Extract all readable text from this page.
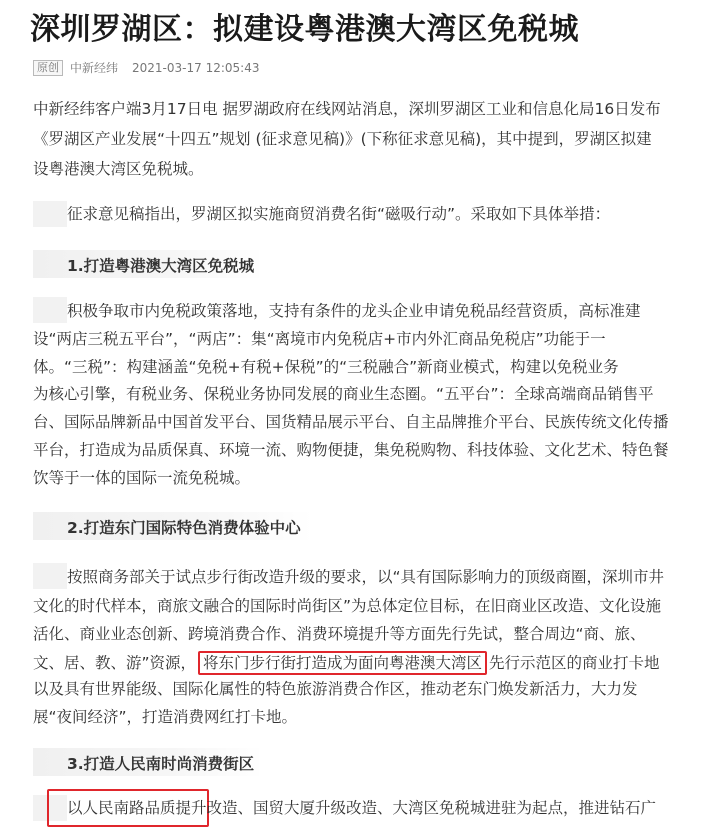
深圳罗湖区：拟建设粤港澳大湾区免税城
原创 中新经纬 2021-03-17 12:05:43
中新经纬客户端3月17日电 据罗湖政府在线网站消息，深圳罗湖区工业和信息化局16日发布
《罗湖区产业发展“十四五”规划 (征求意见稿)》(下称征求意见稿)，其中提到，罗湖区拟建
设粤港澳大湾区免税城。
征求意见稿指出，罗湖区拟实施商贸消费名街“磁吸行动”。采取如下具体举措：
1.打造粤港澳大湾区免税城
积极争取市内免税政策落地，支持有条件的龙头企业申请免税品经营资质，高标准建
设“两店三税五平台”，“两店”：集“离境市内免税店+市内外汇商品免税店”功能于一
体。“三税”：构建涵盖“免税+有税+保税”的“三税融合”新商业模式，构建以免税业务
为核心引擎，有税业务、保税业务协同发展的商业生态圈。“五平台”：全球高端商品销售平
台、国际品牌新品中国首发平台、国货精品展示平台、自主品牌推介平台、民族传统文化传播
平台，打造成为品质保真、环境一流、购物便捷，集免税购物、科技体验、文化艺术、特色餐
饮等于一体的国际一流免税城。
2.打造东门国际特色消费体验中心
按照商务部关于试点步行街改造升级的要求，以“具有国际影响力的顶级商圈，深圳市井
文化的时代样本，商旅文融合的国际时尚街区”为总体定位目标，在旧商业区改造、文化设施
活化、商业业态创新、跨境消费合作、消费环境提升等方面先行先试，整合周边“商、旅、
文、居、教、游”资源， 将东门步行街打造成为面向粤港澳大湾区 先行示范区的商业打卡地
以及具有世界能级、国际化属性的特色旅游消费合作区，推动老东门焕发新活力，大力发
展“夜间经济”，打造消费网红打卡地。
3.打造人民南时尚消费街区
以人民南路品质提升改造、国贸大厦升级改造、大湾区免税城进驻为起点，推进钻石广
